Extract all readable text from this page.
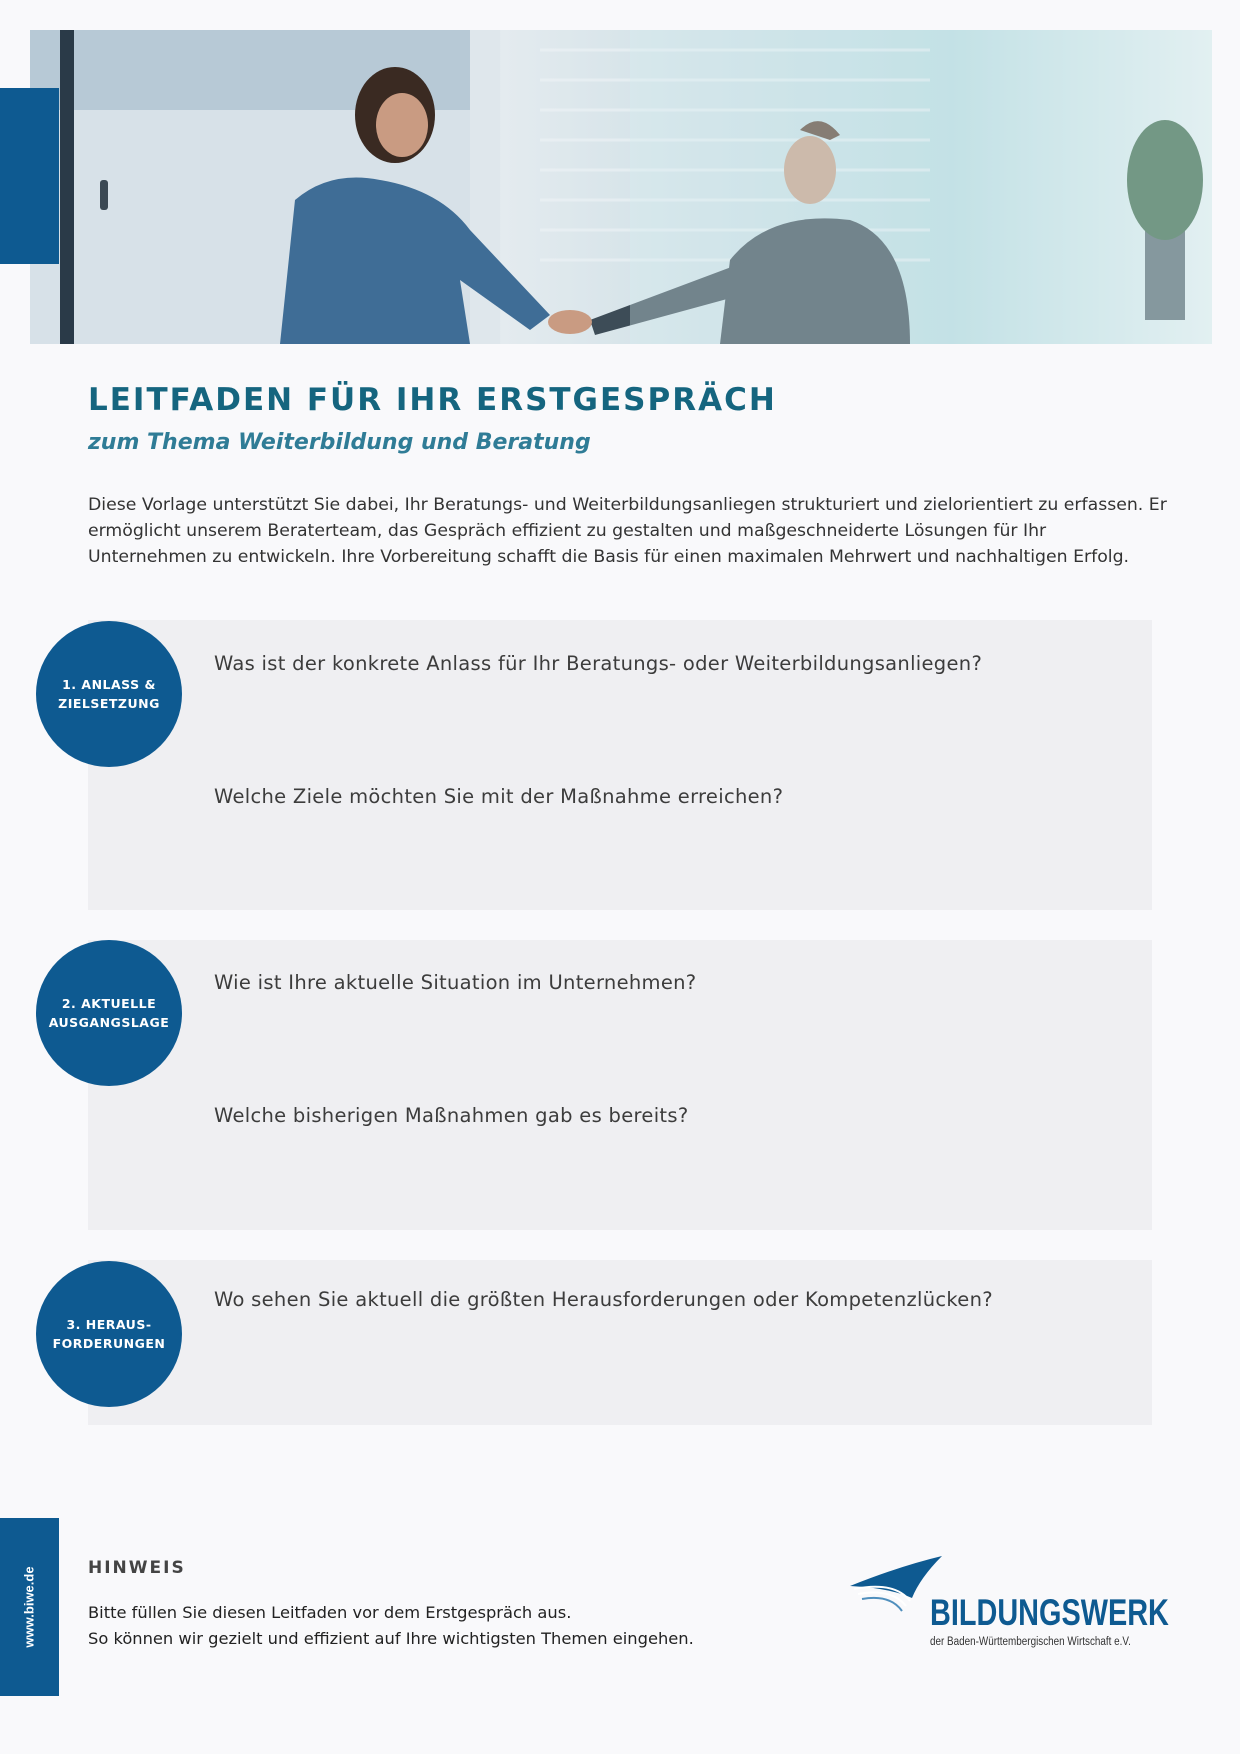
LEITFADEN FÜR IHR ERSTGESPRÄCH
zum Thema Weiterbildung und Beratung

Diese Vorlage unterstützt Sie dabei, Ihr Beratungs- und Weiterbildungsanliegen strukturiert und zielorientiert zu erfassen. Er ermöglicht unserem Beraterteam, das Gespräch effizient zu gestalten und maßgeschneiderte Lösungen für Ihr Unternehmen zu entwickeln. Ihre Vorbereitung schafft die Basis für einen maximalen Mehrwert und nachhaltigen Erfolg.

1. ANLASS &
ZIELSETZUNG

Was ist der konkrete Anlass für Ihr Beratungs- oder Weiterbildungsanliegen?

Welche Ziele möchten Sie mit der Maßnahme erreichen?

2. AKTUELLE
AUSGANGSLAGE

Wie ist Ihre aktuelle Situation im Unternehmen?

Welche bisherigen Maßnahmen gab es bereits?

3. HERAUS-
FORDERUNGEN

Wo sehen Sie aktuell die größten Herausforderungen oder Kompetenzlücken?

www.biwe.de	HINWEIS
Bitte füllen Sie diesen Leitfaden vor dem Erstgespräch aus.
So können wir gezielt und effizient auf Ihre wichtigsten Themen eingehen.
BILDUNGSWERK
der Baden-Württembergischen Wirtschaft e.V.
